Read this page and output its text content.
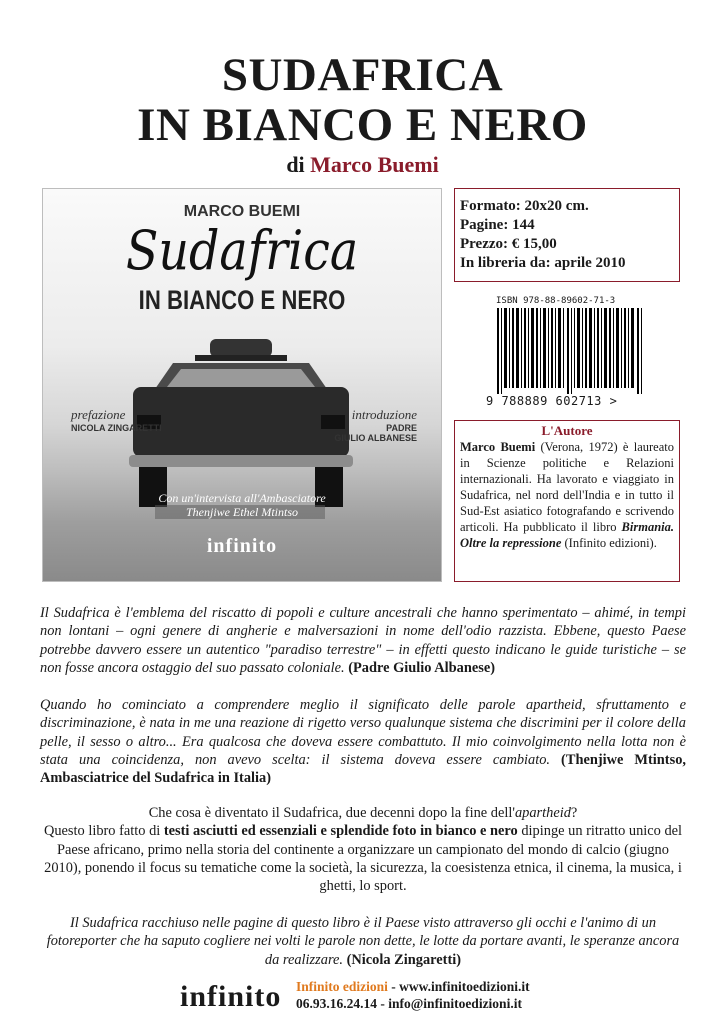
SUDAFRICA
IN BIANCO E NERO
di Marco Buemi
MARCO BUEMI
Sudafrica
IN BIANCO E NERO
prefazione
NICOLA ZINGARETTI
introduzione
PADRE
GIULIO ALBANESE
Con un'intervista all'Ambasciatore
Thenjiwe Ethel Mtintso
infinito
Formato: 20x20 cm.
Pagine: 144
Prezzo: € 15,00
In libreria da: aprile 2010
ISBN 978-88-89602-71-3
9 788889 602713 >
L'Autore
Marco Buemi (Verona, 1972) è laureato in Scienze politiche e Relazioni internazionali. Ha lavorato e viaggiato in Sudafrica, nel nord dell'India e in tutto il Sud-Est asiatico fotografando e scrivendo articoli. Ha pubblicato il libro Birmania. Oltre la repressione (Infinito edizioni).

Il Sudafrica è l'emblema del riscatto di popoli e culture ancestrali che hanno sperimentato – ahimé, in tempi non lontani – ogni genere di angherie e malversazioni in nome dell'odio razzista. Ebbene, questo Paese potrebbe davvero essere un autentico "paradiso terrestre" – in effetti questo indicano le guide turistiche – se non fosse ancora ostaggio del suo passato coloniale. (Padre Giulio Albanese)

Quando ho cominciato a comprendere meglio il significato delle parole apartheid, sfruttamento e discriminazione, è nata in me una reazione di rigetto verso qualunque sistema che discrimini per il colore della pelle, il sesso o altro... Era qualcosa che doveva essere combattuto. Il mio coinvolgimento nella lotta non è stata una coincidenza, non avevo scelta: il sistema doveva essere cambiato. (Thenjiwe Mtintso, Ambasciatrice del Sudafrica in Italia)

Che cosa è diventato il Sudafrica, due decenni dopo la fine dell'apartheid?
Questo libro fatto di testi asciutti ed essenziali e splendide foto in bianco e nero dipinge un ritratto unico del Paese africano, primo nella storia del continente a organizzare un campionato del mondo di calcio (giugno 2010), ponendo il focus su tematiche come la società, la sicurezza, la coesistenza etnica, il cinema, la musica, i ghetti, lo sport.

Il Sudafrica racchiuso nelle pagine di questo libro è il Paese visto attraverso gli occhi e l'animo di un fotoreporter che ha saputo cogliere nei volti le parole non dette, le lotte da portare avanti, le speranze ancora da realizzare. (Nicola Zingaretti)

infinito Infinito edizioni - www.infinitoedizioni.it
06.93.16.24.14 - info@infinitoedizioni.it
